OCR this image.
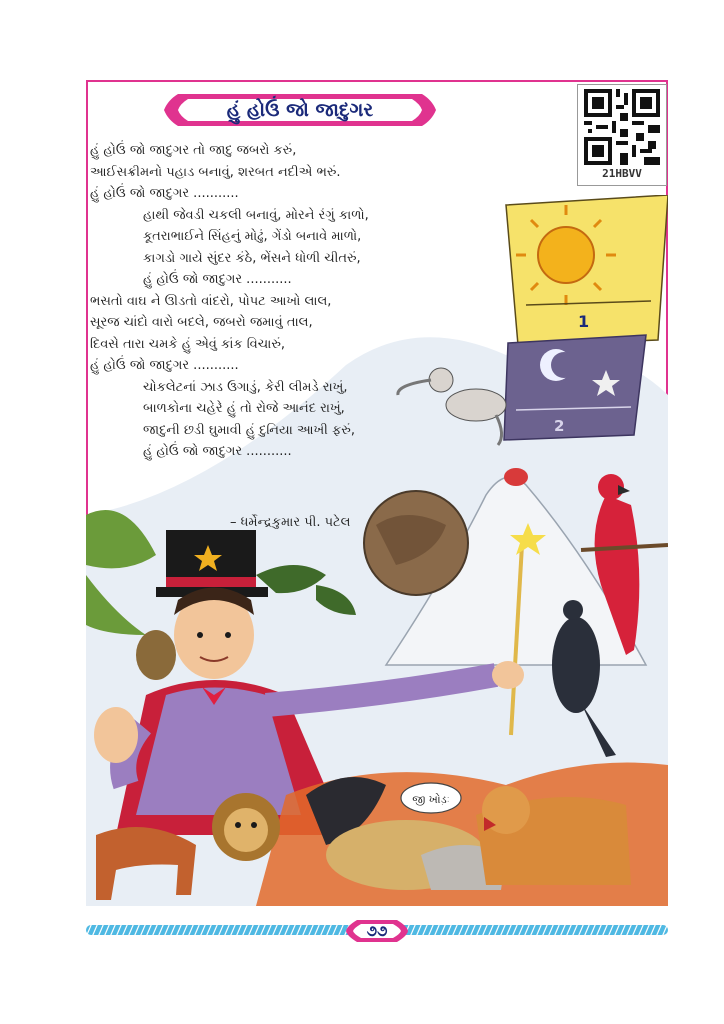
1
2
જી ખોડ઼ઃ
હું હોઉં જો જાદુગર
21HBVV
હું હોઉં જો જાદુગર તો જાદુ જબરો કરું,
આઈસક્રીમનો પહાડ બનાવું, શરબત નદીએ ભરું.
હું હોઉં જો જાદુગર ...........
હાથી જેવડી ચકલી બનાવું, મોરને રંગું કાળો,
કૂતરાભાઈને સિંહનું મોઢું, ગેંડો બનાવે માળો,
કાગડો ગાયે સુંદર કંઠે, ભેંસને ધોળી ચીતરું,
હું હોઉં જો જાદુગર ...........
ભસતો વાઘ ને ઊડતો વાંદરો, પોપટ આખો લાલ,
સૂરજ ચાંદો વારો બદલે, જબરો જમાવું તાલ,
દિવસે તારા ચમકે હું એવું કાંક વિચારું,
હું હોઉં જો જાદુગર ...........
ચોકલેટનાં ઝાડ ઉગાડું, કેરી લીમડે રાખું,
બાળકોના ચહેરે હું તો રોજે આનંદ રાખું,
જાદુની છડી ઘુમાવી હું દુનિયા આખી ફરું,
હું હોઉં જો જાદુગર ...........
– ધર્મેન્દ્રકુમાર પી. પટેલ
૭૭
